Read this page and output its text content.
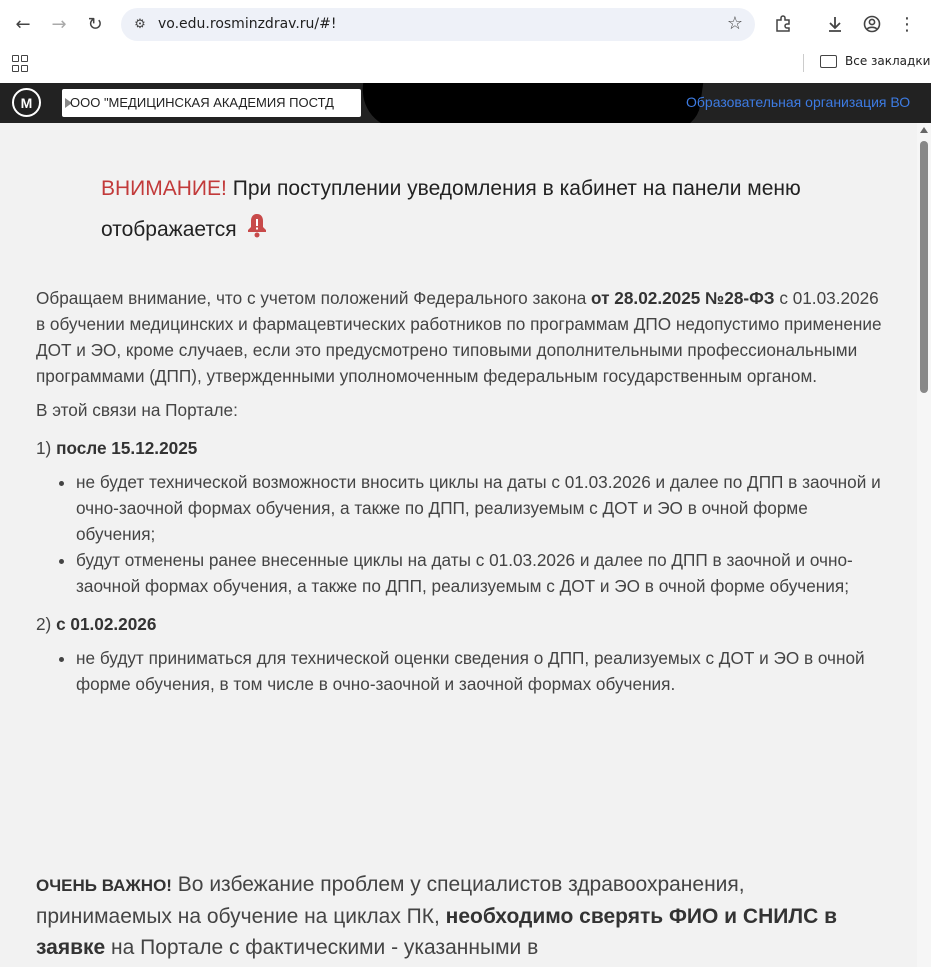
←	→	↻	⚙ vo.edu.rosminzdrav.ru/#!	☆	⋮
Все закладки
M	ООО "МЕДИЦИНСКАЯ АКАДЕМИЯ ПОСТД	Образовательная организация ВО
ВНИМАНИЕ! При поступлении уведомления в кабинет на панели меню отображается

Обращаем внимание, что с учетом положений Федерального закона от 28.02.2025 №28-ФЗ с 01.03.2026 в обучении медицинских и фармацевтических работников по программам ДПО недопустимо применение ДОТ и ЭО, кроме случаев, если это предусмотрено типовыми дополнительными профессиональными программами (ДПП), утвержденными уполномоченным федеральным государственным органом.

В этой связи на Портале:

1) после 15.12.2025

• не будет технической возможности вносить циклы на даты с 01.03.2026 и далее по ДПП в заочной и очно-заочной формах обучения, а также по ДПП, реализуемым с ДОТ и ЭО в очной форме обучения;
• будут отменены ранее внесенные циклы на даты с 01.03.2026 и далее по ДПП в заочной и очно-заочной формах обучения, а также по ДПП, реализуемым с ДОТ и ЭО в очной форме обучения;

2) с 01.02.2026

• не будут приниматься для технической оценки сведения о ДПП, реализуемых с ДОТ и ЭО в очной форме обучения, в том числе в очно-заочной и заочной формах обучения.
ОЧЕНЬ ВАЖНО! Во избежание проблем у специалистов здравоохранения, принимаемых на обучение на циклах ПК, необходимо сверять ФИО и СНИЛС в заявке на Портале с фактическими - указанными в
